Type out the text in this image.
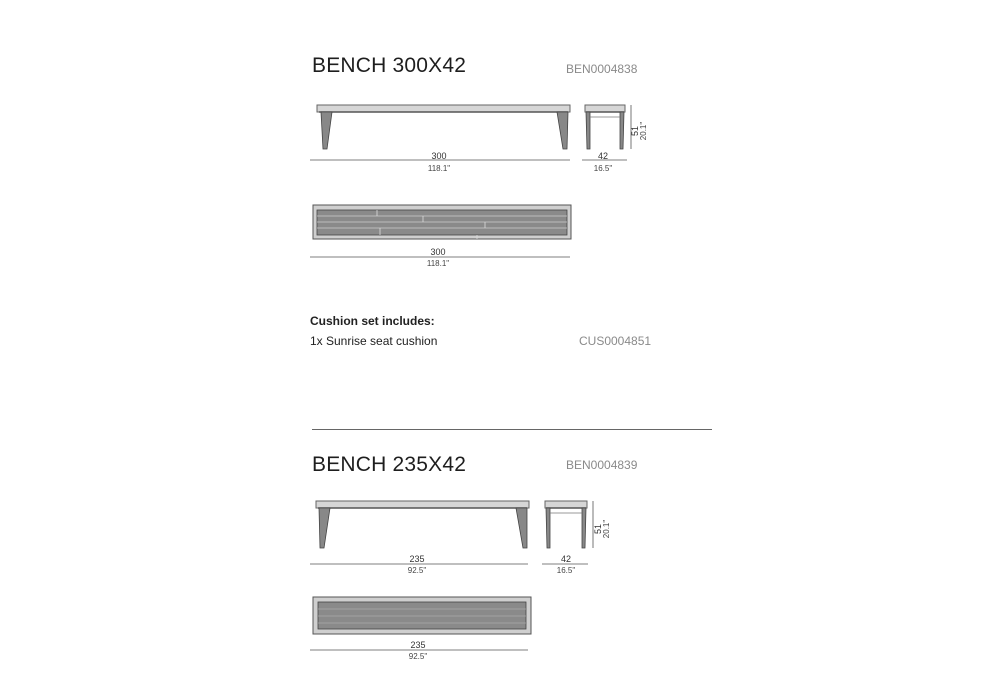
BENCH 300X42	BEN0004838
300
118.1"
42
16.5"
51 20.1"
300
118.1"
Cushion set includes:
1x Sunrise seat cushion	CUS0004851
BENCH 235X42	BEN0004839
235
92.5"
42
16.5"
51 20.1"
235
92.5"
